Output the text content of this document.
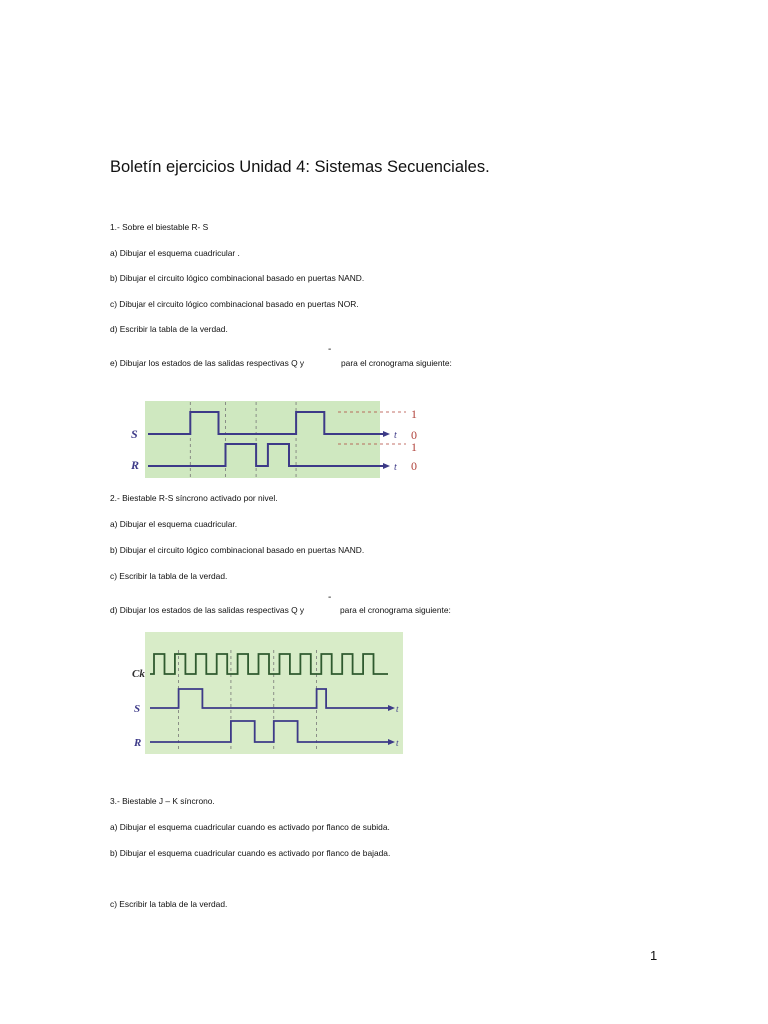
Boletín ejercicios Unidad 4: Sistemas Secuenciales.
1.- Sobre el biestable R- S
a) Dibujar el esquema cuadricular .
b) Dibujar el circuito lógico combinacional basado en puertas NAND.
c) Dibujar el circuito lógico combinacional basado en puertas NOR.
d) Escribir la tabla de la verdad.
e) Dibujar los estados de las salidas respectivas Q y
-
para el cronograma siguiente:
S
R
t
t
1
0
1
0
2.- Biestable R-S síncrono activado por nivel.
a) Dibujar el esquema cuadricular.
b) Dibujar el circuito lógico combinacional basado en puertas NAND.
c) Escribir la tabla de la verdad.
d) Dibujar los estados de las salidas respectivas Q y
-
para el cronograma siguiente:
Ck
S
R
t
t
3.- Biestable J – K síncrono.
a) Dibujar el esquema cuadricular cuando es activado por flanco de subida.
b) Dibujar el esquema cuadricular cuando es activado por flanco de bajada.
c) Escribir la tabla de la verdad.
1
